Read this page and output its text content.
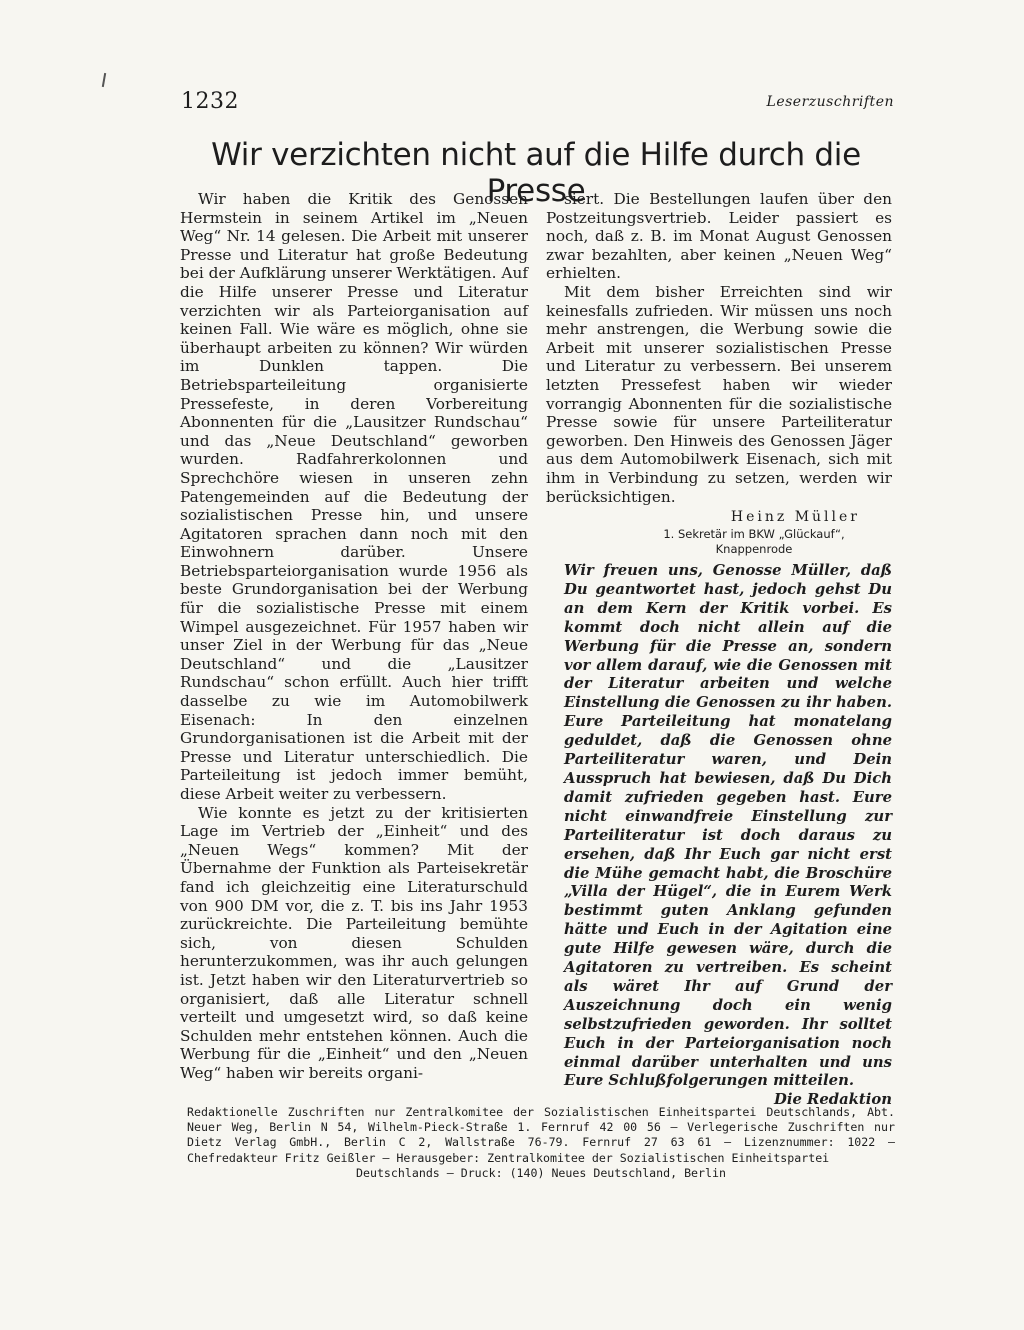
1232	Leserzuschriften
Wir verzichten nicht auf die Hilfe durch die Presse

Wir haben die Kritik des Genossen Hermstein in seinem Artikel im „Neuen Weg“ Nr. 14 gelesen. Die Arbeit mit unserer Presse und Literatur hat große Bedeutung bei der Aufklärung unserer Werktätigen. Auf die Hilfe unserer Presse und Literatur verzichten wir als Parteiorganisation auf keinen Fall. Wie wäre es möglich, ohne sie überhaupt arbeiten zu können? Wir würden im Dunklen tappen. Die Betriebsparteileitung organisierte Pressefeste, in deren Vorbereitung Abonnenten für die „Lausitzer Rundschau“ und das „Neue Deutschland“ geworben wurden. Radfahrerkolonnen und Sprechchöre wiesen in unseren zehn Patengemeinden auf die Bedeutung der sozialistischen Presse hin, und unsere Agitatoren sprachen dann noch mit den Einwohnern darüber. Unsere Betriebsparteiorganisation wurde 1956 als beste Grundorganisation bei der Werbung für die sozialistische Presse mit einem Wimpel ausgezeichnet. Für 1957 haben wir unser Ziel in der Werbung für das „Neue Deutschland“ und die „Lausitzer Rundschau“ schon erfüllt. Auch hier trifft dasselbe zu wie im Automobilwerk Eisenach: In den einzelnen Grundorganisationen ist die Arbeit mit der Presse und Literatur unterschiedlich. Die Parteileitung ist jedoch immer bemüht, diese Arbeit weiter zu verbessern.

Wie konnte es jetzt zu der kritisierten Lage im Vertrieb der „Einheit“ und des „Neuen Wegs“ kommen? Mit der Übernahme der Funktion als Parteisekretär fand ich gleichzeitig eine Literaturschuld von 900 DM vor, die z. T. bis ins Jahr 1953 zurückreichte. Die Parteileitung bemühte sich, von diesen Schulden herunterzukommen, was ihr auch gelungen ist. Jetzt haben wir den Literaturvertrieb so organisiert, daß alle Literatur schnell verteilt und umgesetzt wird, so daß keine Schulden mehr entstehen können. Auch die Werbung für die „Einheit“ und den „Neuen Weg“ haben wir bereits organi-

siert. Die Bestellungen laufen über den Postzeitungsvertrieb. Leider passiert es noch, daß z. B. im Monat August Genossen zwar bezahlten, aber keinen „Neuen Weg“ erhielten.

Mit dem bisher Erreichten sind wir keinesfalls zufrieden. Wir müssen uns noch mehr anstrengen, die Werbung sowie die Arbeit mit unserer sozialistischen Presse und Literatur zu verbessern. Bei unserem letzten Pressefest haben wir wieder vorrangig Abonnenten für die sozialistische Presse sowie für unsere Parteiliteratur geworben. Den Hinweis des Genossen Jäger aus dem Automobilwerk Eisenach, sich mit ihm in Verbindung zu setzen, werden wir berücksichtigen.

Heinz Müller
1. Sekretär im BKW „Glückauf“,
Knappenrode

Wir freuen uns, Genosse Müller, daß Du geantwortet hast, jedoch gehst Du an dem Kern der Kritik vorbei. Es kommt doch nicht allein auf die Werbung für die Presse an, sondern vor allem darauf, wie die Genossen mit der Literatur arbeiten und welche Einstellung die Genossen zu ihr haben. Eure Parteileitung hat monatelang geduldet, daß die Genossen ohne Parteiliteratur waren, und Dein Ausspruch hat bewiesen, daß Du Dich damit zufrieden gegeben hast. Eure nicht einwandfreie Einstellung zur Parteiliteratur ist doch daraus zu ersehen, daß Ihr Euch gar nicht erst die Mühe gemacht habt, die Broschüre „Villa der Hügel“, die in Eurem Werk bestimmt guten Anklang gefunden hätte und Euch in der Agitation eine gute Hilfe gewesen wäre, durch die Agitatoren zu vertreiben. Es scheint als wäret Ihr auf Grund der Auszeichnung doch ein wenig selbstzufrieden geworden. Ihr solltet Euch in der Parteiorganisation noch einmal darüber unterhalten und uns Eure Schlußfolgerungen mitteilen.
Die Redaktion

Redaktionelle Zuschriften nur Zentralkomitee der Sozialistischen Einheitspartei Deutschlands, Abt. Neuer Weg, Berlin N 54, Wilhelm-Pieck-Straße 1. Fernruf 42 00 56 – Verlegerische Zuschriften nur Dietz Verlag GmbH., Berlin C 2, Wallstraße 76-79. Fernruf 27 63 61 – Lizenznummer: 1022 – Chefredakteur Fritz Geißler – Herausgeber: Zentralkomitee der Sozialistischen Einheitspartei
Deutschlands – Druck: (140) Neues Deutschland, Berlin
